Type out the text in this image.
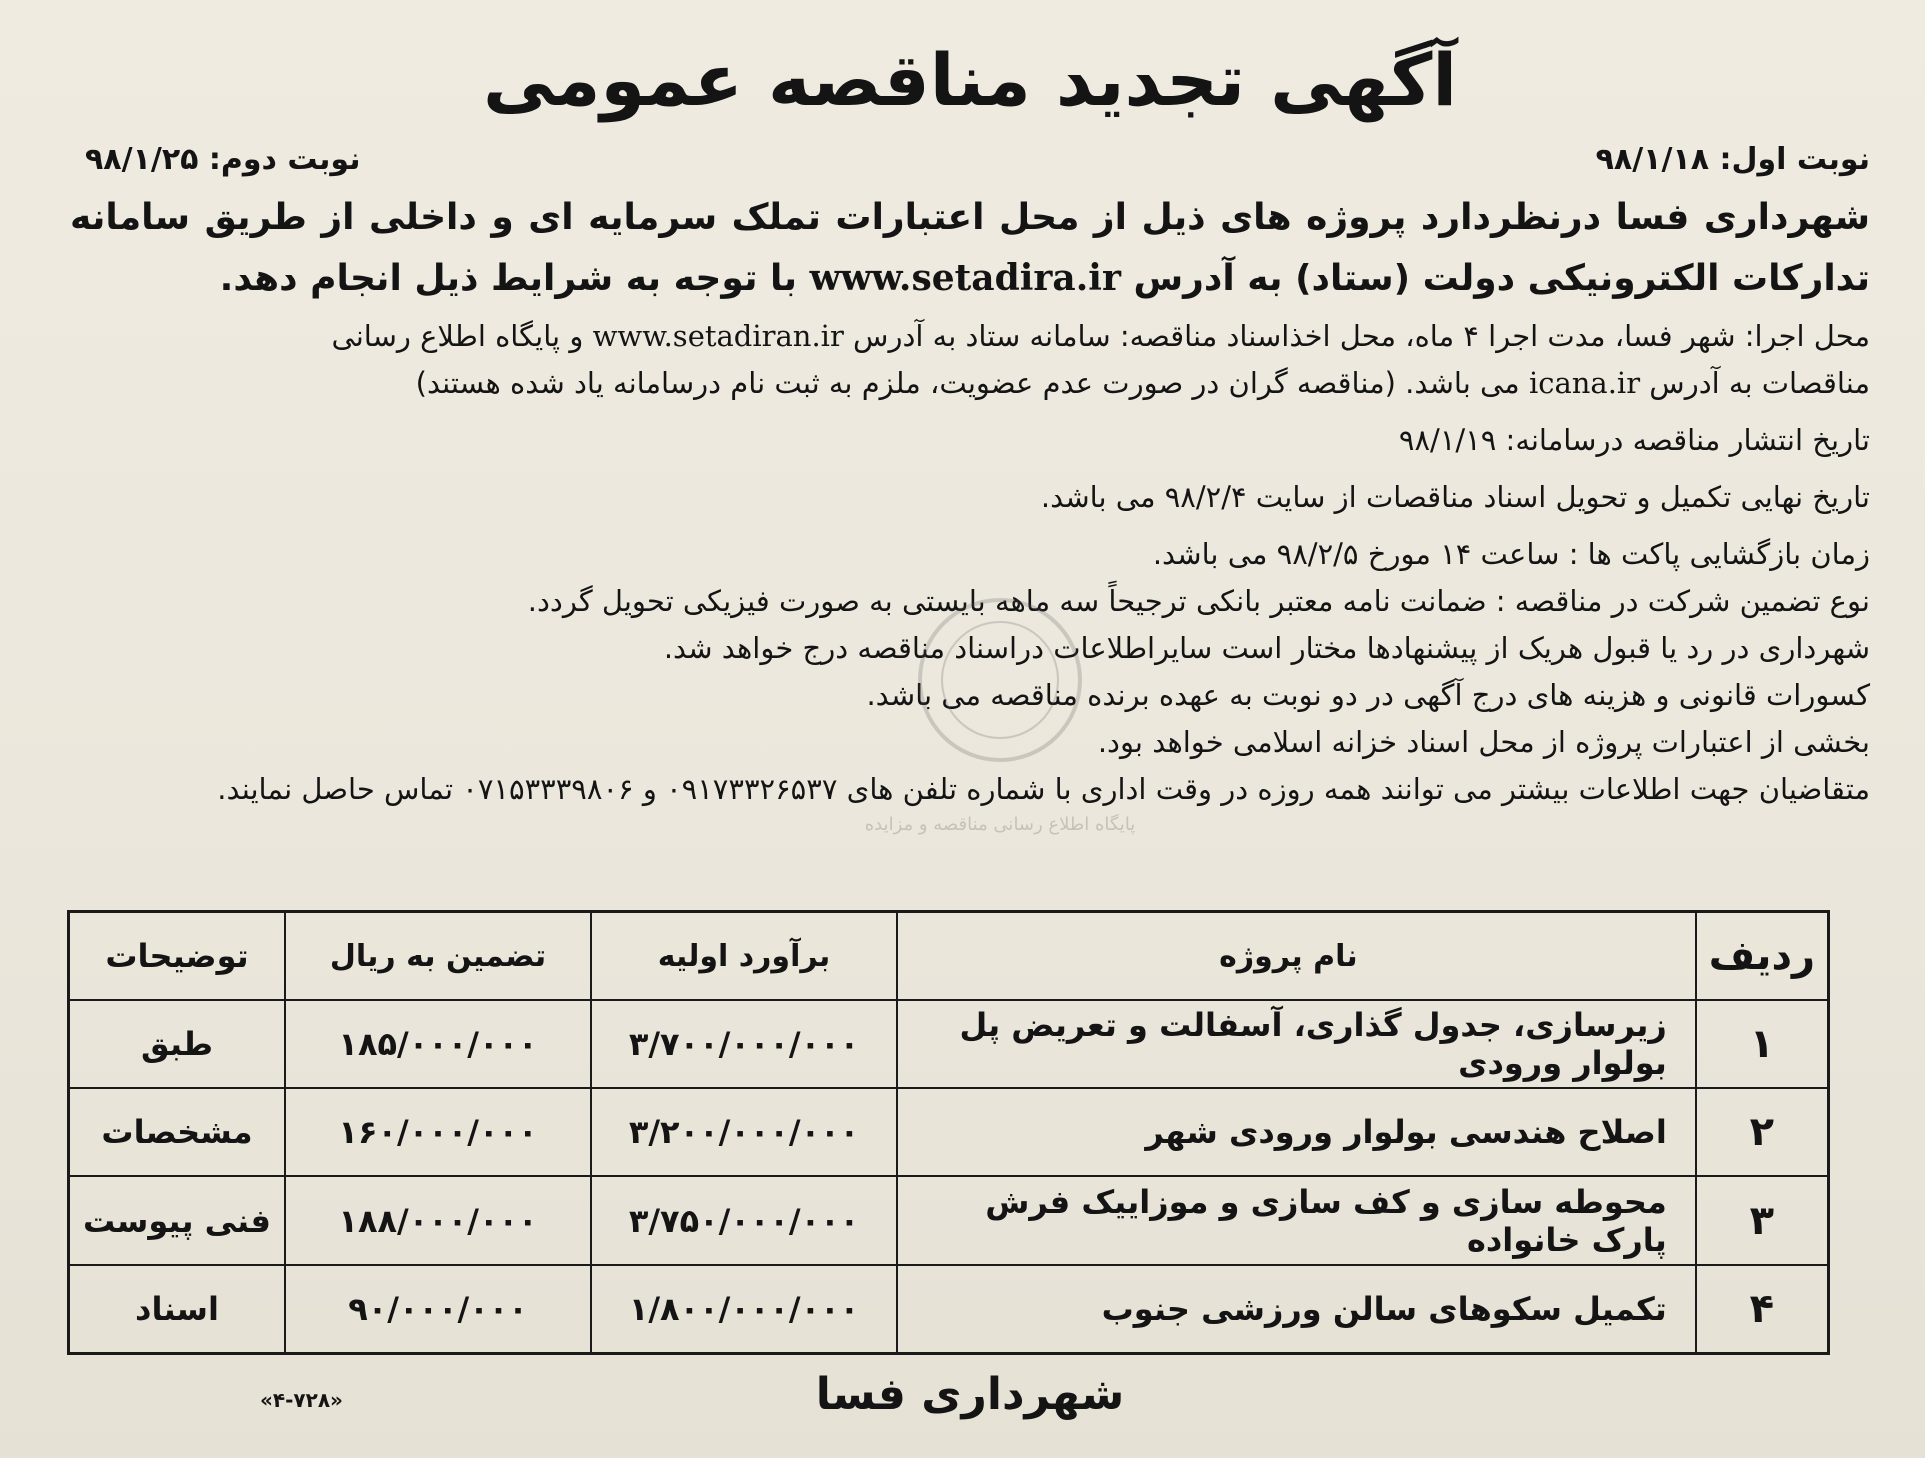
آگهی تجدید مناقصه عمومی
نوبت اول: ۹۸/۱/۱۸
نوبت دوم: ۹۸/۱/۲۵
شهرداری فسا درنظردارد پروژه های ذیل از محل اعتبارات تملک سرمایه ای و داخلی از طریق سامانه تدارکات الکترونیکی دولت (ستاد) به آدرس www.setadira.ir با توجه به شرایط ذیل انجام دهد.

محل اجرا: شهر فسا، مدت اجرا ۴ ماه، محل اخذاسناد مناقصه: سامانه ستاد به آدرس www.setadiran.ir و پایگاه اطلاع رسانی

مناقصات به آدرس icana.ir می باشد. (مناقصه گران در صورت عدم عضویت، ملزم به ثبت نام درسامانه یاد شده هستند)

تاریخ انتشار مناقصه درسامانه: ۹۸/۱/۱۹

تاریخ نهایی تکمیل و تحویل اسناد مناقصات از سایت ۹۸/۲/۴ می باشد.

زمان بازگشایی پاکت ها : ساعت ۱۴ مورخ ۹۸/۲/۵ می باشد.

نوع تضمین شرکت در مناقصه : ضمانت نامه معتبر بانکی ترجیحاً سه ماهه بایستی به صورت فیزیکی تحویل گردد.

شهرداری در رد یا قبول هریک از پیشنهادها مختار است سایراطلاعات دراسناد مناقصه درج خواهد شد.

کسورات قانونی و هزینه های درج آگهی در دو نوبت به عهده برنده مناقصه می باشد.

بخشی از اعتبارات پروژه از محل اسناد خزانه اسلامی خواهد بود.

متقاضیان جهت اطلاعات بیشتر می توانند همه روزه در وقت اداری با شماره تلفن های ۰۹۱۷۳۳۲۶۵۳۷ و ۰۷۱۵۳۳۳۹۸۰۶ تماس حاصل نمایند.

پایگاه اطلاع رسانی مناقصه و مزایده
ردیف	نام پروژه	برآورد اولیه	تضمین به ریال	توضیحات
۱	زیرسازی، جدول گذاری، آسفالت و تعریض پل بولوار ورودی	۳/۷۰۰/۰۰۰/۰۰۰	۱۸۵/۰۰۰/۰۰۰	طبق
۲	اصلاح هندسی بولوار ورودی شهر	۳/۲۰۰/۰۰۰/۰۰۰	۱۶۰/۰۰۰/۰۰۰	مشخصات
۳	محوطه سازی و کف سازی و موزاییک فرش پارک خانواده	۳/۷۵۰/۰۰۰/۰۰۰	۱۸۸/۰۰۰/۰۰۰	فنی پیوست
۴	تکمیل سکوهای سالن ورزشی جنوب	۱/۸۰۰/۰۰۰/۰۰۰	۹۰/۰۰۰/۰۰۰	اسناد
شهرداری فسا
«۴-۷۲۸»
